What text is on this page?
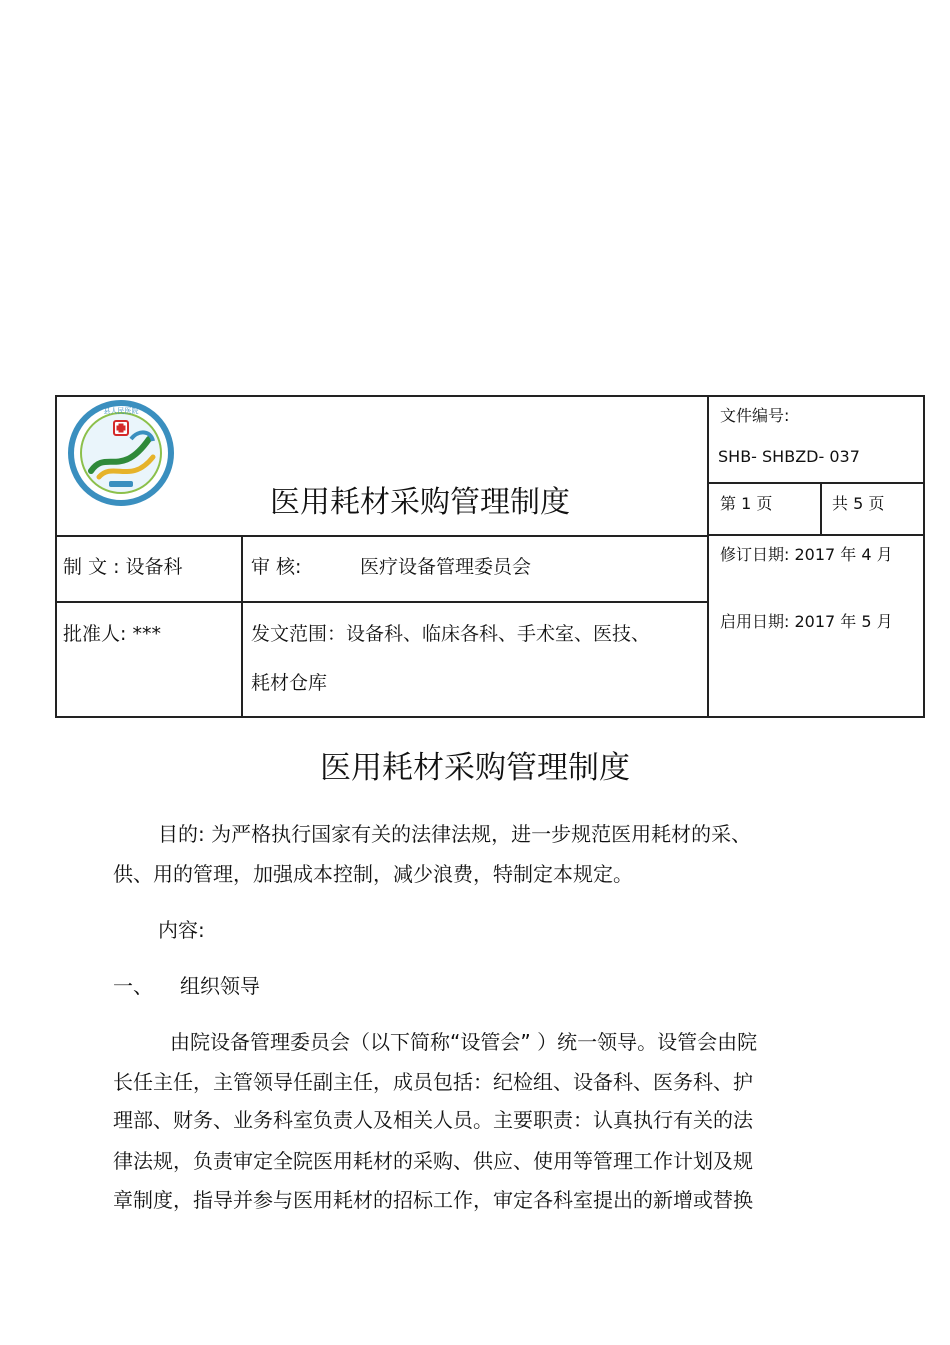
县人民医院
医用耗材采购管理制度
文件编号:
SHB- SHBZD- 037
第 1 页	共 5 页
制 文 : 设备科	审 核:	医疗设备管理委员会
修订日期: 2017 年 4 月
批准人: ***	发文范围：设备科、临床各科、手术室、医技、
耗材仓库
启用日期: 2017 年 5 月
医用耗材采购管理制度
目的: 为严格执行国家有关的法律法规，进一步规范医用耗材的采、
供、用的管理，加强成本控制，减少浪费，特制定本规定。
内容:
一、 组织领导
由院设备管理委员会（以下简称“设管会” ）统一领导。设管会由院
长任主任，主管领导任副主任，成员包括：纪检组、设备科、医务科、护
理部、财务、业务科室负责人及相关人员。主要职责：认真执行有关的法
律法规，负责审定全院医用耗材的采购、供应、使用等管理工作计划及规
章制度，指导并参与医用耗材的招标工作，审定各科室提出的新增或替换
